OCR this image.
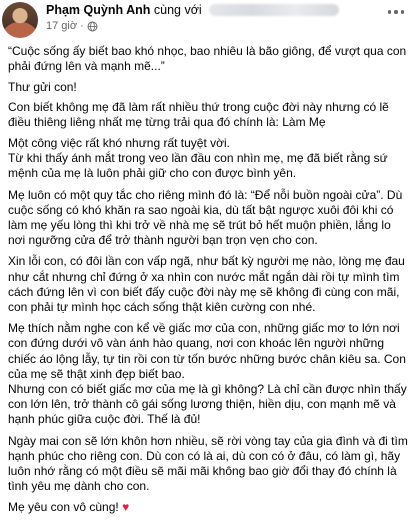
Phạm Quỳnh Anh cùng với
17 giờ ·

“Cuộc sống ấy biết bao khó nhọc, bao nhiêu là bão giông, để vượt qua con phải đứng lên và mạnh mẽ...”

Thư gửi con!

Con biết không mẹ đã làm rất nhiều thứ trong cuộc đời này nhưng có lẽ điều thiêng liêng nhất mẹ từng trải qua đó chính là: Làm Mẹ

Một công việc rất khó nhưng rất tuyệt vời.

Từ khi thấy ánh mắt trong veo lần đầu con nhìn mẹ, mẹ đã biết rằng sứ mệnh của mẹ là luôn phải giữ cho con được bình yên.

Mẹ luôn có một quy tắc cho riêng mình đó là: “Để nỗi buồn ngoài cửa”. Dù cuộc sống có khó khăn ra sao ngoài kia, dù tất bật ngược xuôi đôi khi có làm mẹ yếu lòng thì khi trở về nhà mẹ sẽ trút bỏ hết muộn phiền, lắng lo nơi ngưỡng cửa để trở thành người bạn trọn vẹn cho con.

Xin lỗi con, có đôi lần con vấp ngã, như bất kỳ người mẹ nào, lòng mẹ đau như cắt nhưng chỉ đứng ở xa nhìn con nước mắt ngắn dài rồi tự mình tìm cách đứng lên vì con biết đấy cuộc đời này mẹ sẽ không đi cùng con mãi, con phải tự mình học cách sống thật kiên cường con nhé.

Mẹ thích nằm nghe con kể về giấc mơ của con, những giấc mơ to lớn nơi con đứng dưới vô vàn ánh hào quang, nơi con khoác lên người những chiếc áo lộng lẫy, tự tin rồi con từ tốn bước những bước chân kiêu sa. Con của mẹ sẽ thật xinh đẹp biết bao.

Nhưng con có biết giấc mơ của mẹ là gì không? Là chỉ cần được nhìn thấy con lớn lên, trở thành cô gái sống lương thiện, hiền dịu, con mạnh mẽ và hạnh phúc giữa cuộc đời. Thế là đủ!

Ngày mai con sẽ lớn khôn hơn nhiều, sẽ rời vòng tay của gia đình và đi tìm hạnh phúc cho riêng con. Dù con có là ai, dù con có ở đâu, có làm gì, hãy luôn nhớ rằng có một điều sẽ mãi mãi không bao giờ đổi thay đó chính là tình yêu mẹ dành cho con.

Mẹ yêu con vô cùng! ♥
